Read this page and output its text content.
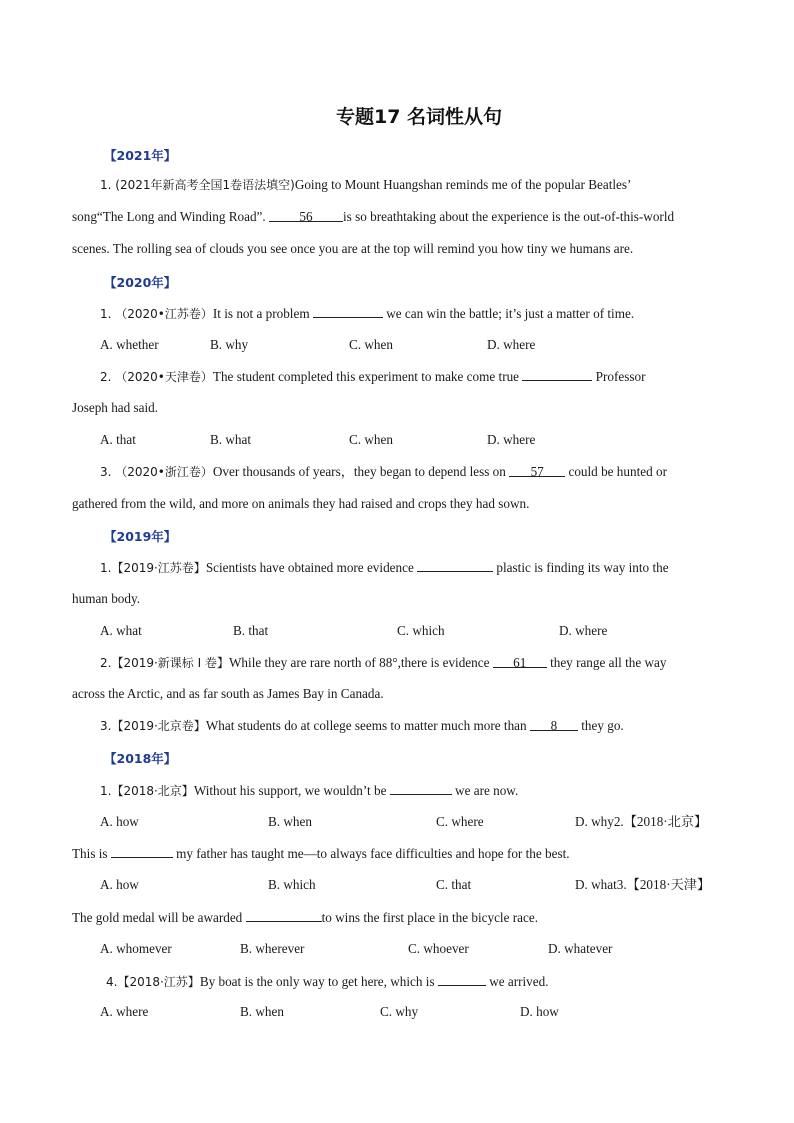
专题17 名词性从句
【2021年】
1. (2021年新高考全国1卷语法填空)Going to Mount Huangshan reminds me of the popular Beatles’
song“The Long and Winding Road”. 56 is so breathtaking about the experience is the out-of-this-world
scenes. The rolling sea of clouds you see once you are at the top will remind you how tiny we humans are.
【2020年】
1. （2020•江苏卷）It is not a problem	we can win the battle; it’s just a matter of time.
A. whether	B. why	C. when	D. where
2. （2020•天津卷）The student completed this experiment to make come true	Professor
Joseph had said.
A. that	B. what	C. when	D. where
3. （2020•浙江卷）Over thousands of years，they began to depend less on 57 could be hunted or
gathered from the wild, and more on animals they had raised and crops they had sown.
【2019年】
1.【2019·江苏卷】Scientists have obtained more evidence	plastic is finding its way into the
human body.
A. what	B. that	C. which	D. where
2.【2019·新课标 I 卷】While they are rare north of 88°,there is evidence 61 they range all the way
across the Arctic, and as far south as James Bay in Canada.
3.【2019·北京卷】What students do at college seems to matter much more than 8 they go.
【2018年】
1.【2018·北京】Without his support, we wouldn’t be	we are now.
A. how	B. when	C. where	D. why2.【2018·北京】
This is	my father has taught me—to always face difficulties and hope for the best.
A. how	B. which	C. that	D. what3.【2018·天津】
The gold medal will be awarded	to wins the first place in the bicycle race.
A. whomever	B. wherever	C. whoever	D. whatever
4.【2018·江苏】By boat is the only way to get here, which is	we arrived.
A. where	B. when	C. why	D. how
